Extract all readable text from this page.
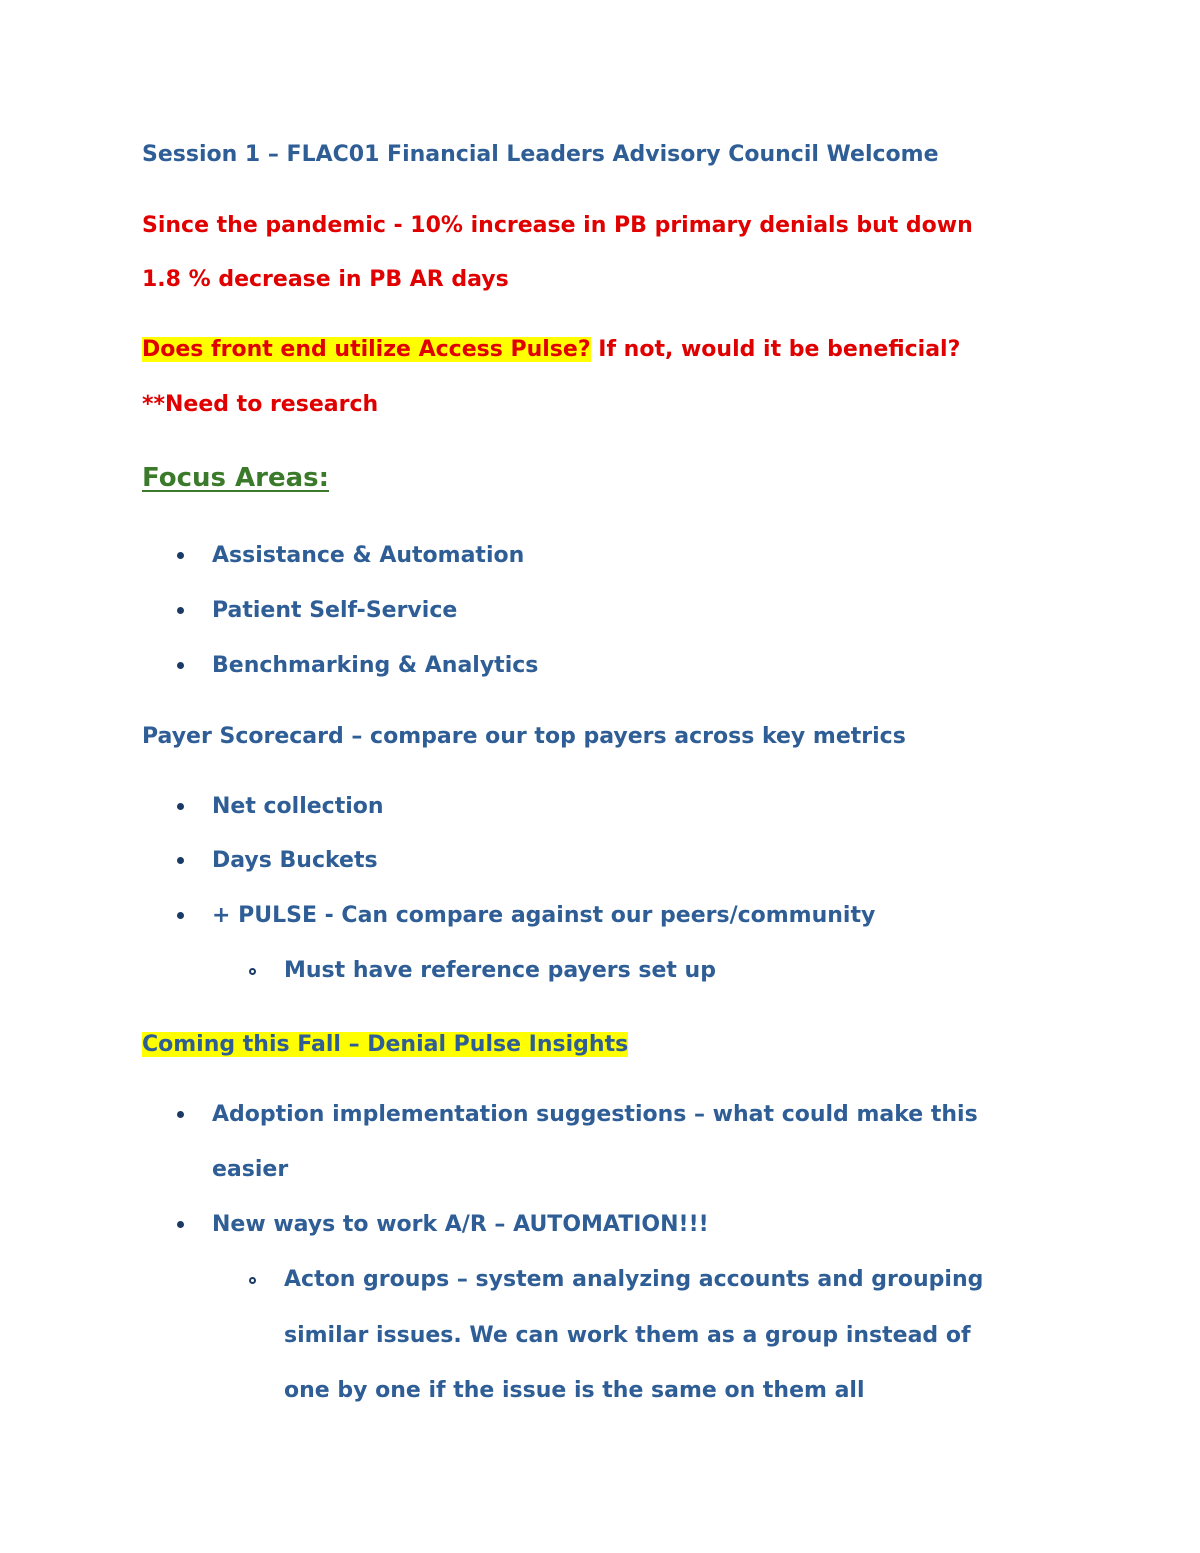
Session 1 – FLAC01 Financial Leaders Advisory Council Welcome
Since the pandemic - 10% increase in PB primary denials but down
1.8 % decrease in PB AR days
Does front end utilize Access Pulse? If not, would it be beneficial?
**Need to research
Focus Areas:
Assistance & Automation
Patient Self-Service
Benchmarking & Analytics
Payer Scorecard – compare our top payers across key metrics
Net collection
Days Buckets
+ PULSE - Can compare against our peers/community
Must have reference payers set up
Coming this Fall – Denial Pulse Insights
Adoption implementation suggestions – what could make this
easier
New ways to work A/R – AUTOMATION!!!
Acton groups – system analyzing accounts and grouping
similar issues. We can work them as a group instead of
one by one if the issue is the same on them all
